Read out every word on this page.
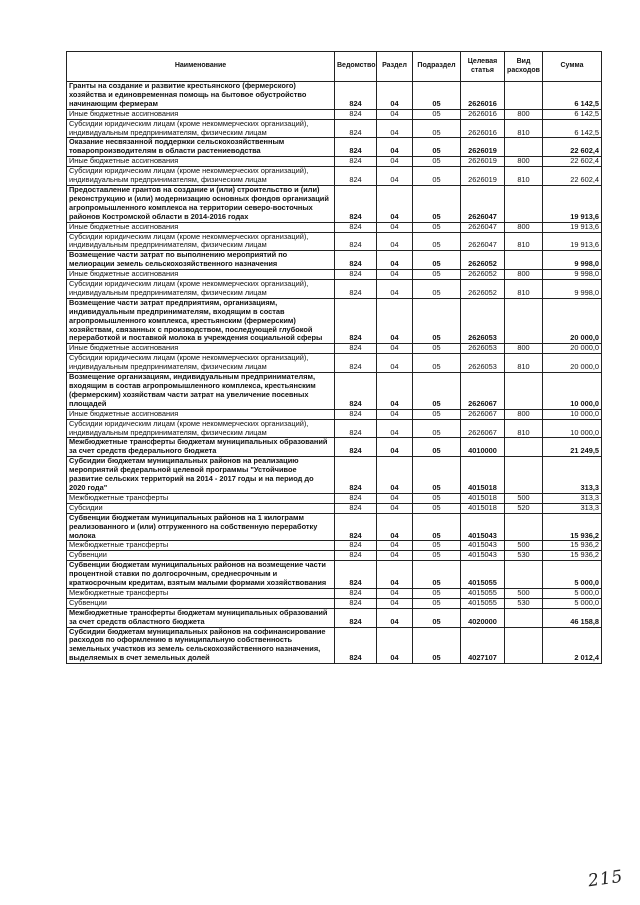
Наименование	Ведомство	Раздел	Подраздел	Целевая статья	Вид расходов	Сумма
Гранты на создание и развитие крестьянского (фермерского) хозяйства и единовременная помощь на бытовое обустройство начинающим фермерам	824	04	05	2626016		6 142,5
Иные бюджетные ассигнования	824	04	05	2626016	800	6 142,5
Субсидии юридическим лицам (кроме некоммерческих организаций), индивидуальным предпринимателям, физическим лицам	824	04	05	2626016	810	6 142,5
Оказание несвязанной поддержки сельскохозяйственным товаропроизводителям в области растениеводства	824	04	05	2626019		22 602,4
Иные бюджетные ассигнования	824	04	05	2626019	800	22 602,4
Субсидии юридическим лицам (кроме некоммерческих организаций), индивидуальным предпринимателям, физическим лицам	824	04	05	2626019	810	22 602,4
Предоставление грантов на создание и (или) строительство и (или) реконструкцию и (или) модернизацию основных фондов организаций агропромышленного комплекса на территории северо-восточных районов Костромской области в 2014-2016 годах	824	04	05	2626047		19 913,6
Иные бюджетные ассигнования	824	04	05	2626047	800	19 913,6
Субсидии юридическим лицам (кроме некоммерческих организаций), индивидуальным предпринимателям, физическим лицам	824	04	05	2626047	810	19 913,6
Возмещение части затрат по выполнению мероприятий по мелиорации земель сельскохозяйственного назначения	824	04	05	2626052		9 998,0
Иные бюджетные ассигнования	824	04	05	2626052	800	9 998,0
Субсидии юридическим лицам (кроме некоммерческих организаций), индивидуальным предпринимателям, физическим лицам	824	04	05	2626052	810	9 998,0
Возмещение части затрат предприятиям, организациям, индивидуальным предпринимателям, входящим в состав агропромышленного комплекса, крестьянским (фермерским) хозяйствам, связанных с производством, последующей глубокой переработкой и поставкой молока в учреждения социальной сферы	824	04	05	2626053		20 000,0
Иные бюджетные ассигнования	824	04	05	2626053	800	20 000,0
Субсидии юридическим лицам (кроме некоммерческих организаций), индивидуальным предпринимателям, физическим лицам	824	04	05	2626053	810	20 000,0
Возмещение организациям, индивидуальным предпринимателям, входящим в состав агропромышленного комплекса, крестьянским (фермерским) хозяйствам части затрат на увеличение посевных площадей	824	04	05	2626067		10 000,0
Иные бюджетные ассигнования	824	04	05	2626067	800	10 000,0
Субсидии юридическим лицам (кроме некоммерческих организаций), индивидуальным предпринимателям, физическим лицам	824	04	05	2626067	810	10 000,0
Межбюджетные трансферты бюджетам муниципальных образований за счет средств федерального бюджета	824	04	05	4010000		21 249,5
Субсидии бюджетам муниципальных районов на реализацию мероприятий федеральной целевой программы "Устойчивое развитие сельских территорий на 2014 - 2017 годы и на период до 2020 года"	824	04	05	4015018		313,3
Межбюджетные трансферты	824	04	05	4015018	500	313,3
Субсидии	824	04	05	4015018	520	313,3
Субвенции бюджетам муниципальных районов на 1 килограмм реализованного и (или) отгруженного на собственную переработку молока	824	04	05	4015043		15 936,2
Межбюджетные трансферты	824	04	05	4015043	500	15 936,2
Субвенции	824	04	05	4015043	530	15 936,2
Субвенции бюджетам муниципальных районов на возмещение части процентной ставки по долгосрочным, среднесрочным и краткосрочным кредитам, взятым малыми формами хозяйствования	824	04	05	4015055		5 000,0
Межбюджетные трансферты	824	04	05	4015055	500	5 000,0
Субвенции	824	04	05	4015055	530	5 000,0
Межбюджетные трансферты бюджетам муниципальных образований за счет средств областного бюджета	824	04	05	4020000		46 158,8
Субсидии бюджетам муниципальных районов на софинансирование расходов по оформлению в муниципальную собственность земельных участков из земель сельскохозяйственного назначения, выделяемых в счет земельных долей	824	04	05	4027107		2 012,4
215
